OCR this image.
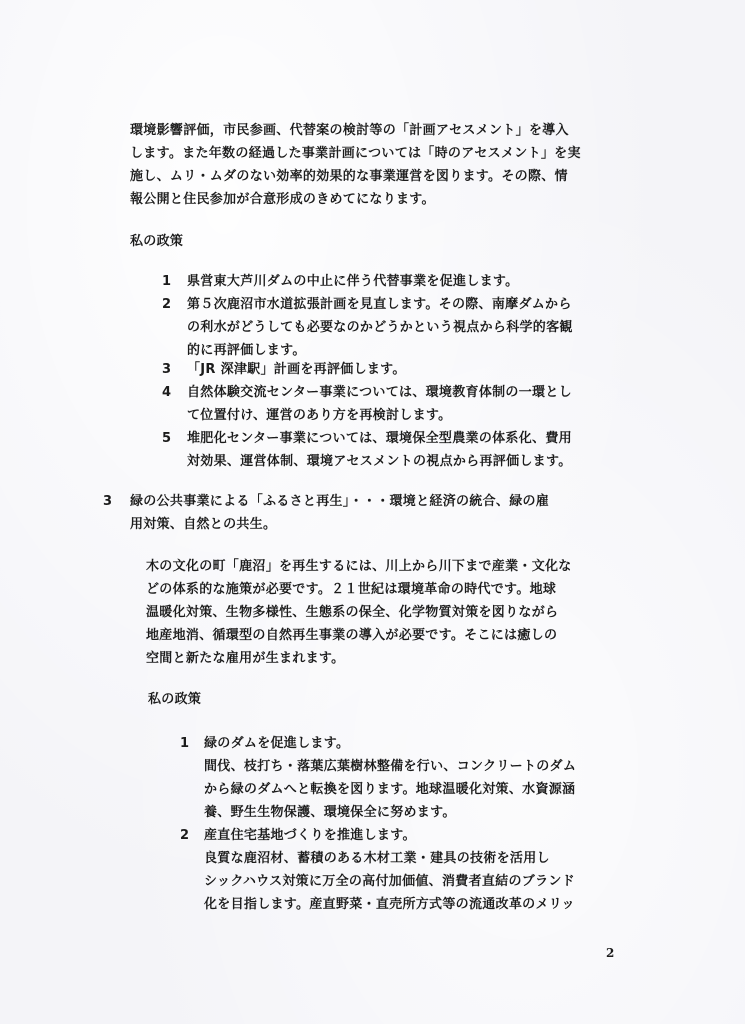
環境影響評価，市民参画、代替案の検討等の「計画アセスメント」を導入
します。また年数の経過した事業計画については「時のアセスメント」を実
施し、ムリ・ムダのない効率的効果的な事業運営を図ります。その際、情
報公開と住民参加が合意形成のきめてになります。
私の政策
1 県営東大芦川ダムの中止に伴う代替事業を促進します。
2 第５次鹿沼市水道拡張計画を見直します。その際、南摩ダムから
の利水がどうしても必要なのかどうかという視点から科学的客観
的に再評価します。
3 「JR 深津駅」計画を再評価します。
4 自然体験交流センター事業については、環境教育体制の一環とし
て位置付け、運営のあり方を再検討します。
5 堆肥化センター事業については、環境保全型農業の体系化、費用
対効果、運営体制、環境アセスメントの視点から再評価します。
3 緑の公共事業による「ふるさと再生」・・・環境と経済の統合、緑の雇
用対策、自然との共生。
木の文化の町「鹿沼」を再生するには、川上から川下まで産業・文化な
どの体系的な施策が必要です。２１世紀は環境革命の時代です。地球
温暖化対策、生物多様性、生態系の保全、化学物質対策を図りながら
地産地消、循環型の自然再生事業の導入が必要です。そこには癒しの
空間と新たな雇用が生まれます。
私の政策
1 緑のダムを促進します。
間伐、枝打ち・落葉広葉樹林整備を行い、コンクリートのダム
から緑のダムへと転換を図ります。地球温暖化対策、水資源涵
養、野生生物保護、環境保全に努めます。
2 産直住宅基地づくりを推進します。
良質な鹿沼材、蓄積のある木材工業・建具の技術を活用し
シックハウス対策に万全の高付加価値、消費者直結のブランド
化を目指します。産直野菜・直売所方式等の流通改革のメリッ
2
